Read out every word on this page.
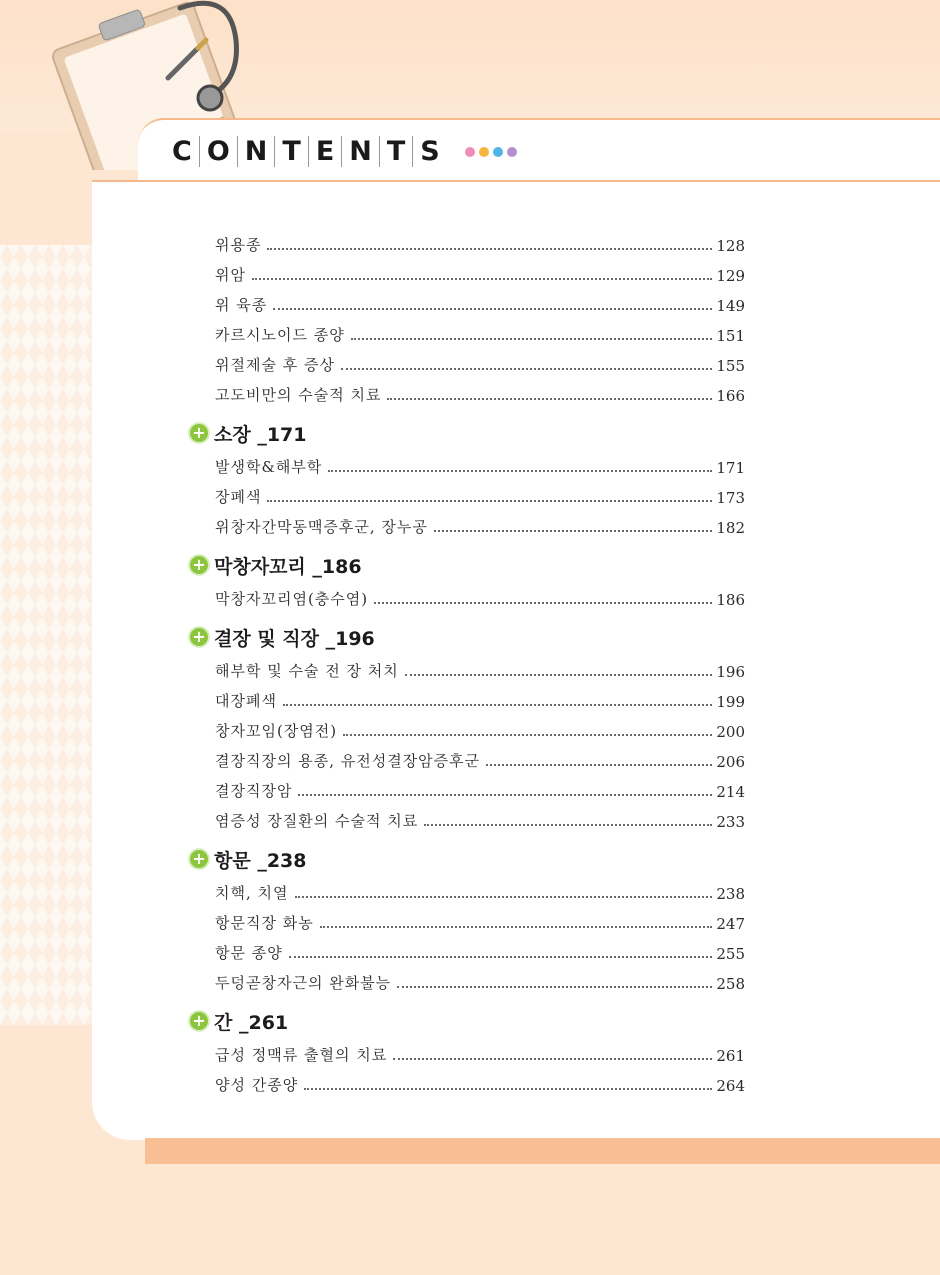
C O N T E N T S
위용종	128
위암	129
위 육종	149
카르시노이드 종양	151
위절제술 후 증상	155
고도비만의 수술적 치료	166
+ 소장 _171
발생학&해부학	171
장폐색	173
위창자간막동맥증후군, 장누공	182
+ 막창자꼬리 _186
막창자꼬리염(충수염)	186
+ 결장 및 직장 _196
해부학 및 수술 전 장 처치	196
대장폐색	199
창자꼬임(장염전)	200
결장직장의 용종, 유전성결장암증후군	206
결장직장암	214
염증성 장질환의 수술적 치료	233
+ 항문 _238
치핵, 치열	238
항문직장 화농	247
항문 종양	255
두덩곧창자근의 완화불능	258
+ 간 _261
급성 정맥류 출혈의 치료	261
양성 간종양	264
